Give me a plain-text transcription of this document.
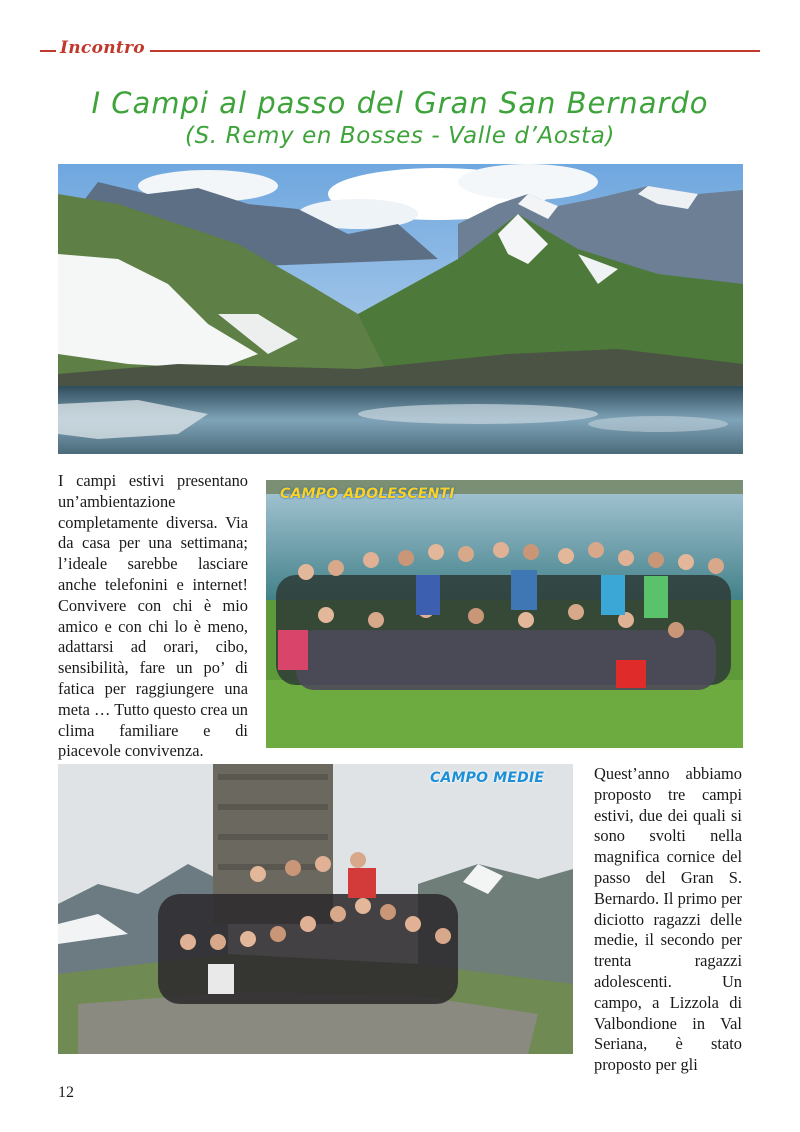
Incontro
I Campi al passo del Gran San Bernardo
(S. Remy en Bosses - Valle d’Aosta)
I campi estivi presentano un’ambientazione completamente diversa. Via da casa per una settimana; l’ideale sarebbe lasciare anche telefonini e internet! Convivere con chi è mio amico e con chi lo è meno, adattarsi ad orari, cibo, sensibilità, fare un po’ di fatica per raggiungere una meta … Tutto questo crea un clima familiare e di piacevole convivenza.
CAMPO ADOLESCENTI
CAMPO MEDIE	Quest’anno abbiamo proposto tre campi estivi, due dei quali si sono svolti nella magnifica cornice del passo del Gran S. Bernardo. Il primo per diciotto ragazzi delle medie, il secondo per trenta ragazzi adolescenti. Un campo, a Lizzola di Valbondione in Val Seriana, è stato proposto per gli
12
